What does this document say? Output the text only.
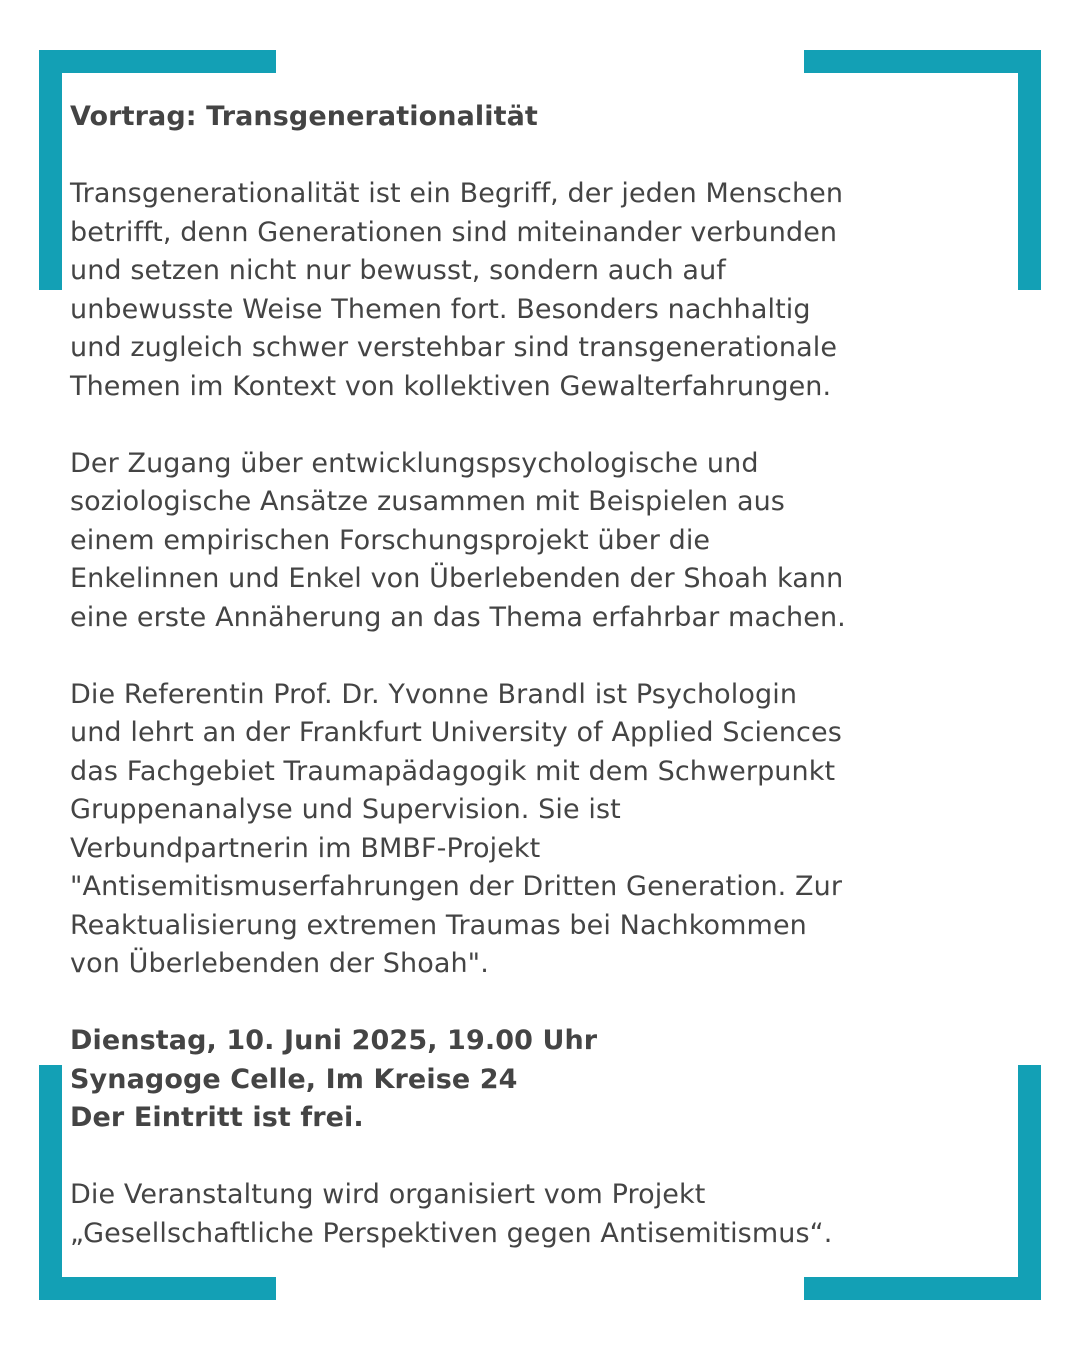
Vortrag: Transgenerationalität

Transgenerationalität ist ein Begriff, der jeden Menschen
betrifft, denn Generationen sind miteinander verbunden
und setzen nicht nur bewusst, sondern auch auf
unbewusste Weise Themen fort. Besonders nachhaltig
und zugleich schwer verstehbar sind transgenerationale
Themen im Kontext von kollektiven Gewalterfahrungen.

Der Zugang über entwicklungspsychologische und
soziologische Ansätze zusammen mit Beispielen aus
einem empirischen Forschungsprojekt über die
Enkelinnen und Enkel von Überlebenden der Shoah kann
eine erste Annäherung an das Thema erfahrbar machen.

Die Referentin Prof. Dr. Yvonne Brandl ist Psychologin
und lehrt an der Frankfurt University of Applied Sciences
das Fachgebiet Traumapädagogik mit dem Schwerpunkt
Gruppenanalyse und Supervision. Sie ist
Verbundpartnerin im BMBF-Projekt
"Antisemitismuserfahrungen der Dritten Generation. Zur
Reaktualisierung extremen Traumas bei Nachkommen
von Überlebenden der Shoah".

Dienstag, 10. Juni 2025, 19.00 Uhr
Synagoge Celle, Im Kreise 24
Der Eintritt ist frei.

Die Veranstaltung wird organisiert vom Projekt
„Gesellschaftliche Perspektiven gegen Antisemitismus“.
